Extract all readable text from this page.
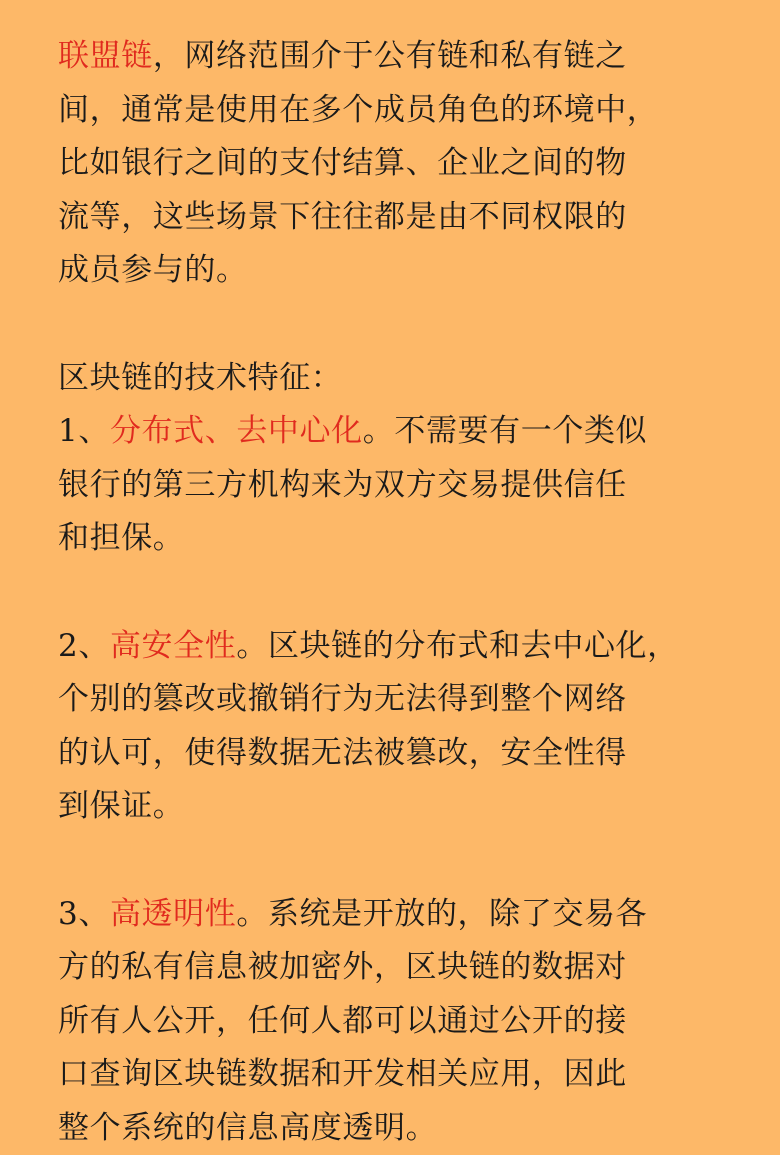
联盟链，网络范围介于公有链和私有链之
间，通常是使用在多个成员角色的环境中，
比如银行之间的支付结算、企业之间的物
流等，这些场景下往往都是由不同权限的
成员参与的。
区块链的技术特征：
1、分布式、去中心化。不需要有一个类似
银行的第三方机构来为双方交易提供信任
和担保。
2、高安全性。区块链的分布式和去中心化，
个别的篡改或撤销行为无法得到整个网络
的认可，使得数据无法被篡改，安全性得
到保证。
3、高透明性。系统是开放的，除了交易各
方的私有信息被加密外，区块链的数据对
所有人公开，任何人都可以通过公开的接
口查询区块链数据和开发相关应用，因此
整个系统的信息高度透明。
